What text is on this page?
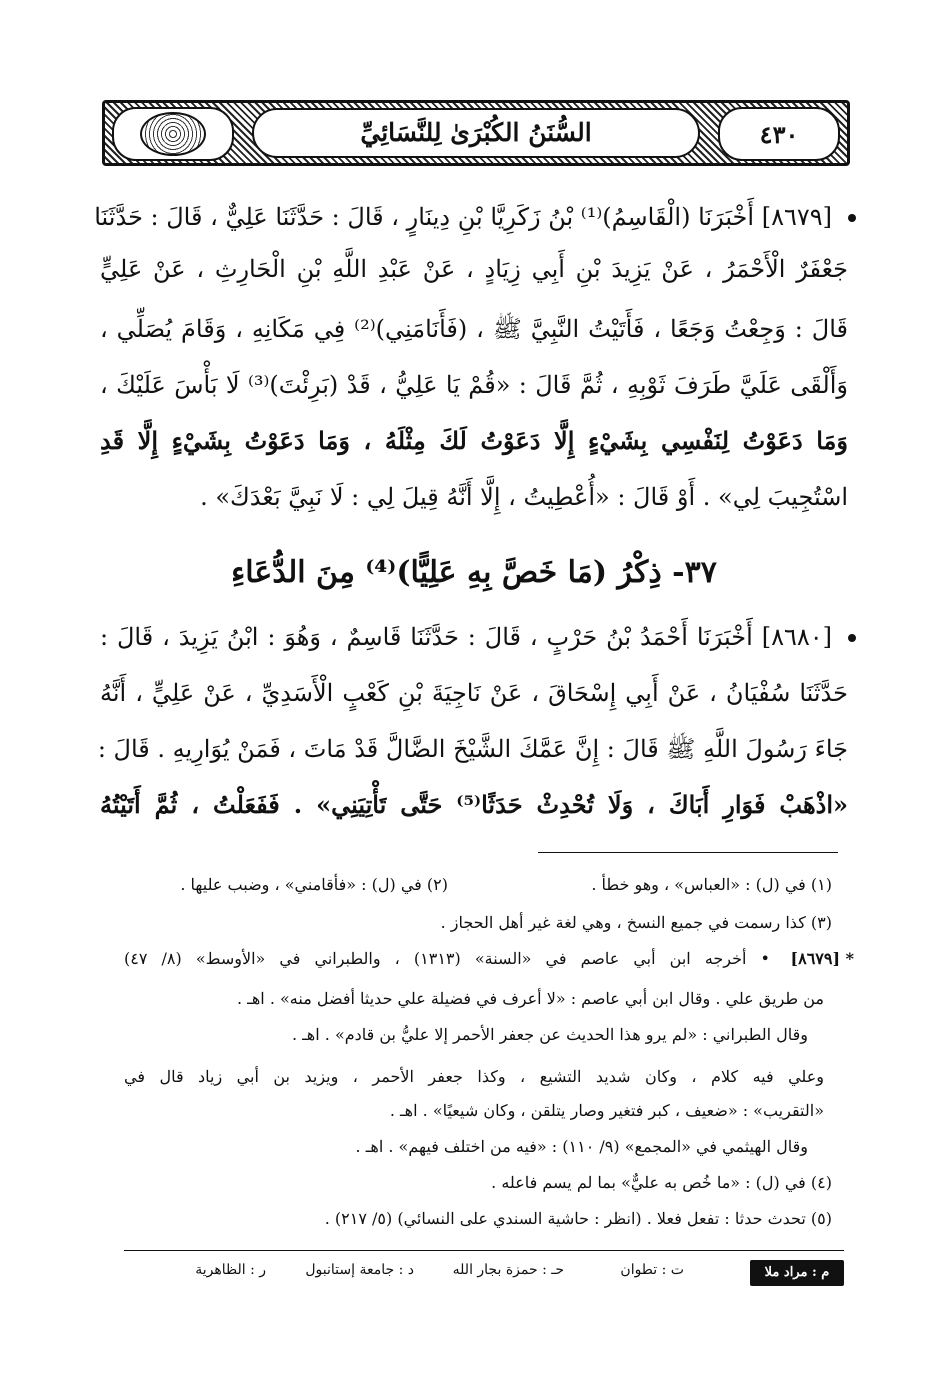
السُّنَنُ الكُبْرَىٰ لِلنَّسَائِيِّ	٤٣٠
[٨٦٧٩] أَخْبَرَنَا (الْقَاسِمُ)⁽¹⁾ بْنُ زَكَرِيَّا بْنِ دِينَارٍ ، قَالَ : حَدَّثَنَا عَلِيٌّ ، قَالَ : حَدَّثَنَا
جَعْفَرٌ الْأَحْمَرُ ، عَنْ يَزِيدَ بْنِ أَبِي زِيَادٍ ، عَنْ عَبْدِ اللَّهِ بْنِ الْحَارِثِ ، عَنْ عَلِيٍّ
قَالَ : وَجِعْتُ وَجَعًا ، فَأَتَيْتُ النَّبِيَّ ﷺ ، (فَأَنَامَنِي)⁽²⁾ فِي مَكَانِهِ ، وَقَامَ يُصَلِّي ،
وَأَلْقَى عَلَيَّ طَرَفَ ثَوْبِهِ ، ثُمَّ قَالَ : «قُمْ يَا عَلِيُّ ، قَدْ (بَرِئْتَ)⁽³⁾ لَا بَأْسَ عَلَيْكَ ،
وَمَا دَعَوْتُ لِنَفْسِي بِشَيْءٍ إِلَّا دَعَوْتُ لَكَ مِثْلَهُ ، وَمَا دَعَوْتُ بِشَيْءٍ إِلَّا قَدِ
اسْتُجِيبَ لِي» . أَوْ قَالَ : «أُعْطِيتُ ، إِلَّا أَنَّهُ قِيلَ لِي : لَا نَبِيَّ بَعْدَكَ» .
٣٧- ذِكْرُ (مَا خَصَّ بِهِ عَلِيًّا)⁽⁴⁾ مِنَ الدُّعَاءِ
[٨٦٨٠] أَخْبَرَنَا أَحْمَدُ بْنُ حَرْبٍ ، قَالَ : حَدَّثَنَا قَاسِمٌ ، وَهُوَ : ابْنُ يَزِيدَ ، قَالَ :
حَدَّثَنَا سُفْيَانُ ، عَنْ أَبِي إِسْحَاقَ ، عَنْ نَاجِيَةَ بْنِ كَعْبٍ الْأَسَدِيِّ ، عَنْ عَلِيٍّ ، أَنَّهُ
جَاءَ رَسُولَ اللَّهِ ﷺ قَالَ : إِنَّ عَمَّكَ الشَّيْخَ الضَّالَّ قَدْ مَاتَ ، فَمَنْ يُوَارِيهِ . قَالَ :
«اذْهَبْ فَوَارِ أَبَاكَ ، وَلَا تُحْدِثْ حَدَثًا⁽⁵⁾ حَتَّى تَأْتِيَنِي» . فَفَعَلْتُ ، ثُمَّ أَتَيْتُهُ
(١) في (ل) : «العباس» ، وهو خطأ .
(٢) في (ل) : «فأقامني» ، وضبب عليها .
(٣) كذا رسمت في جميع النسخ ، وهي لغة غير أهل الحجاز .
* [٨٦٧٩]
• أخرجه ابن أبي عاصم في «السنة» (١٣١٣) ، والطبراني في «الأوسط» (٨/ ٤٧)
من طريق علي . وقال ابن أبي عاصم : «لا أعرف في فضيلة علي حديثا أفضل منه» . اهـ .
وقال الطبراني : «لم يرو هذا الحديث عن جعفر الأحمر إلا عليُّ بن قادم» . اهـ .
وعلي فيه كلام ، وكان شديد التشيع ، وكذا جعفر الأحمر ، ويزيد بن أبي زياد قال في
«التقريب» : «ضعيف ، كبر فتغير وصار يتلقن ، وكان شيعيًا» . اهـ .
وقال الهيثمي في «المجمع» (٩/ ١١٠) : «فيه من اختلف فيهم» . اهـ .
(٤) في (ل) : «ما خُص به عليٌّ» بما لم يسم فاعله .
(٥) تحدث حدثا : تفعل فعلا . (انظر : حاشية السندي على النسائي) (٥/ ٢١٧) .
م : مراد ملا
ت : تطوان
حـ : حمزة بجار الله
د : جامعة إستانبول
ر : الظاهرية
